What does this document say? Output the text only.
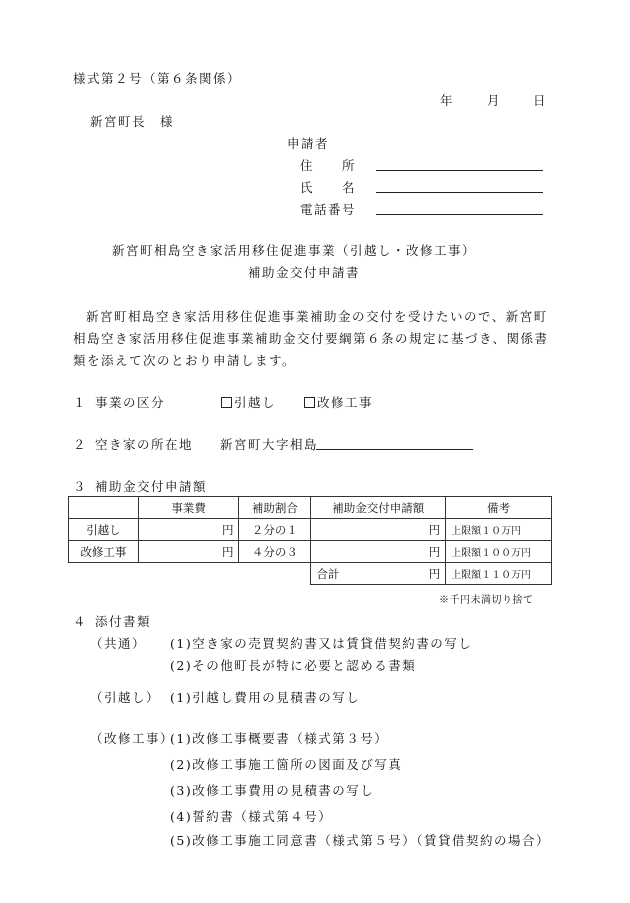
様式第２号（第６条関係）
年	月	日
新宮町長　様
申請者
住　　所
氏　　名
電話番号
新宮町相島空き家活用移住促進事業（引越し・改修工事）
補助金交付申請書
新宮町相島空き家活用移住促進事業補助金の交付を受けたいので、新宮町
相島空き家活用移住促進事業補助金交付要綱第６条の規定に基づき、関係書
類を添えて次のとおり申請します。
１ 事業の区分	引越し	改修工事
２ 空き家の所在地 新宮町大字相島
３ 補助金交付申請額
	事業費	補助割合	補助金交付申請額	備考
引越し	円	２分の１	円	上限額１０万円
改修工事	円	４分の３	円	上限額１００万円
			合計 円	上限額１１０万円
※千円未満切り捨て
４ 添付書類
（共通） (1)空き家の売買契約書又は賃貸借契約書の写し
(2)その他町長が特に必要と認める書類
（引越し） (1)引越し費用の見積書の写し
（改修工事）
(1)改修工事概要書（様式第３号）
(2)改修工事施工箇所の図面及び写真
(3)改修工事費用の見積書の写し
(4)誓約書（様式第４号）
(5)改修工事施工同意書（様式第５号）（賃貸借契約の場合）
